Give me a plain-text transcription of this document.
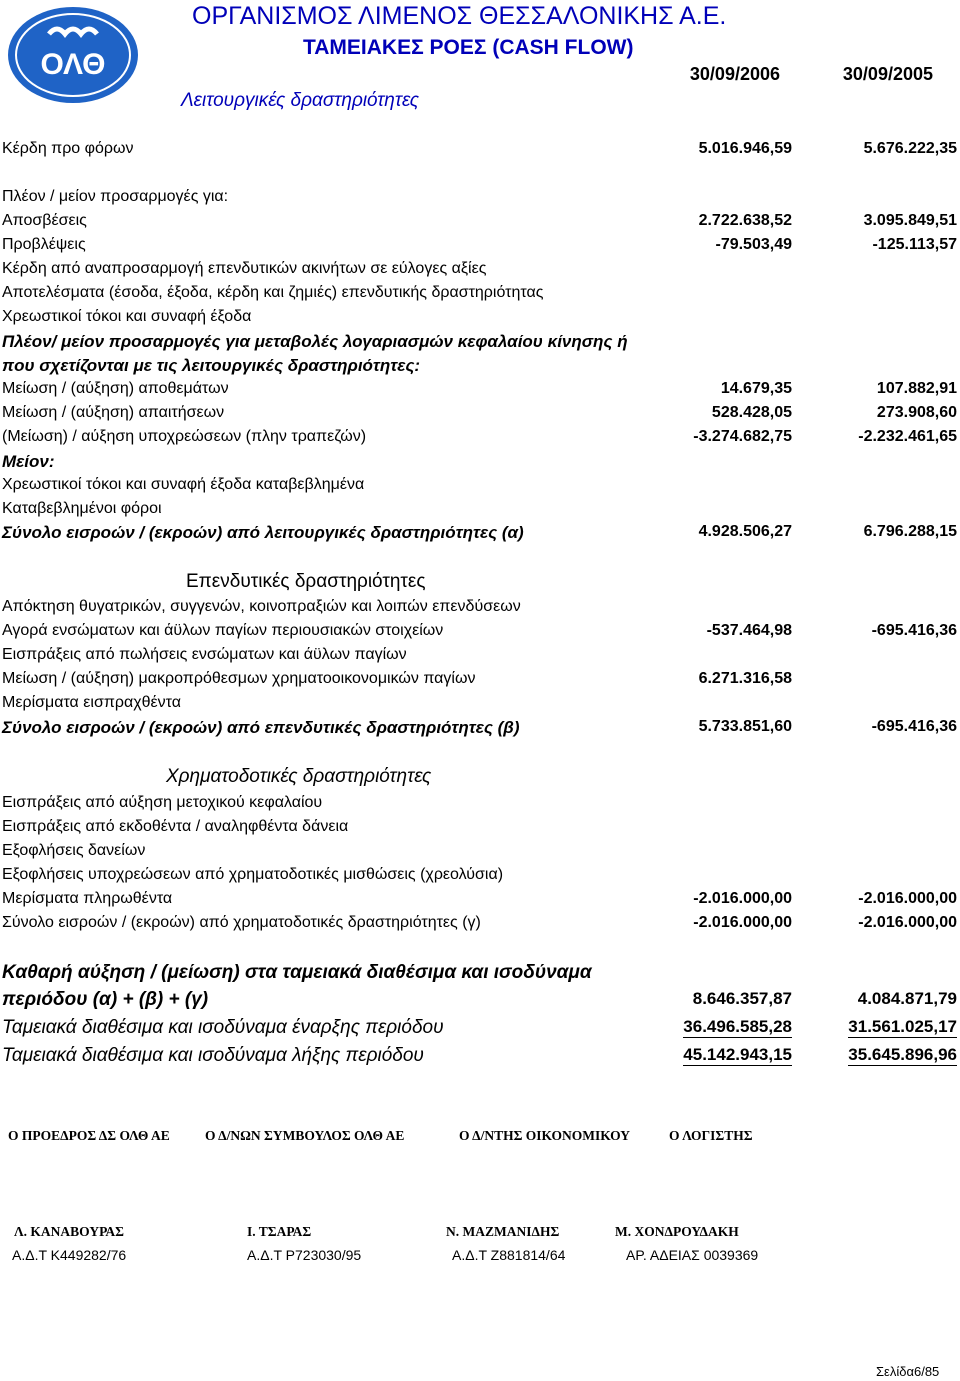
ΟΛΘ
ΟΡΓΑΝΙΣΜΟΣ ΛΙΜΕΝΟΣ ΘΕΣΣΑΛΟΝΙΚΗΣ Α.Ε.
ΤΑΜΕΙΑΚΕΣ ΡΟΕΣ (CASH FLOW)
30/09/2006	30/09/2005
Λειτουργικές δραστηριότητες
Κέρδη προ φόρων	5.016.946,59	5.676.222,35
Πλέον / μείον προσαρμογές για:
Αποσβέσεις	2.722.638,52	3.095.849,51
Προβλέψεις	-79.503,49	-125.113,57
Κέρδη από αναπροσαρμογή επενδυτικών ακινήτων σε εύλογες αξίες
Αποτελέσματα (έσοδα, έξοδα, κέρδη και ζημιές) επενδυτικής δραστηριότητας
Χρεωστικοί τόκοι και συναφή έξοδα
Πλέον/ μείον προσαρμογές για μεταβολές λογαριασμών κεφαλαίου κίνησης ή
που σχετίζονται με τις λειτουργικές δραστηριότητες:
Μείωση / (αύξηση) αποθεμάτων	14.679,35	107.882,91
Μείωση / (αύξηση) απαιτήσεων	528.428,05	273.908,60
(Μείωση) / αύξηση υποχρεώσεων (πλην τραπεζών)	-3.274.682,75	-2.232.461,65
Μείον:
Χρεωστικοί τόκοι και συναφή έξοδα καταβεβλημένα
Καταβεβλημένοι φόροι
Σύνολο εισροών / (εκροών) από λειτουργικές δραστηριότητες (α)	4.928.506,27	6.796.288,15
Επενδυτικές δραστηριότητες
Απόκτηση θυγατρικών, συγγενών, κοινοπραξιών και λοιπών επενδύσεων
Αγορά ενσώματων και άϋλων παγίων περιουσιακών στοιχείων	-537.464,98	-695.416,36
Εισπράξεις από πωλήσεις ενσώματων και άϋλων παγίων
Μείωση / (αύξηση) μακροπρόθεσμων χρηματοοικονομικών παγίων	6.271.316,58
Μερίσματα εισπραχθέντα
Σύνολο εισροών / (εκροών) από επενδυτικές δραστηριότητες (β)	5.733.851,60	-695.416,36
Χρηματοδοτικές δραστηριότητες
Εισπράξεις από αύξηση μετοχικού κεφαλαίου
Εισπράξεις από εκδοθέντα / αναληφθέντα δάνεια
Εξοφλήσεις δανείων
Εξοφλήσεις υποχρεώσεων από χρηματοδοτικές μισθώσεις (χρεολύσια)
Μερίσματα πληρωθέντα	-2.016.000,00	-2.016.000,00
Σύνολο εισροών / (εκροών) από χρηματοδοτικές δραστηριότητες (γ)	-2.016.000,00	-2.016.000,00
Καθαρή αύξηση / (μείωση) στα ταμειακά διαθέσιμα και ισοδύναμα
περιόδου (α) + (β) + (γ)	8.646.357,87	4.084.871,79
Ταμειακά διαθέσιμα και ισοδύναμα έναρξης περιόδου	36.496.585,28	31.561.025,17
Ταμειακά διαθέσιμα και ισοδύναμα λήξης περιόδου	45.142.943,15	35.645.896,96
Ο ΠΡΟΕΔΡΟΣ ΔΣ ΟΛΘ ΑΕ	Ο Δ/ΝΩΝ ΣΥΜΒΟΥΛΟΣ ΟΛΘ ΑΕ	Ο Δ/ΝΤΗΣ ΟΙΚΟΝΟΜΙΚΟΥ	Ο ΛΟΓΙΣΤΗΣ
Λ. ΚΑΝΑΒΟΥΡΑΣ	Ι. ΤΣΑΡΑΣ	Ν. ΜΑΖΜΑΝΙΔΗΣ	Μ. ΧΟΝΔΡΟΥΔΑΚΗ
Α.Δ.Τ Κ449282/76	Α.Δ.Τ Ρ723030/95	Α.Δ.Τ Ζ881814/64	ΑΡ. ΑΔΕΙΑΣ 0039369
Σελίδα6/85
